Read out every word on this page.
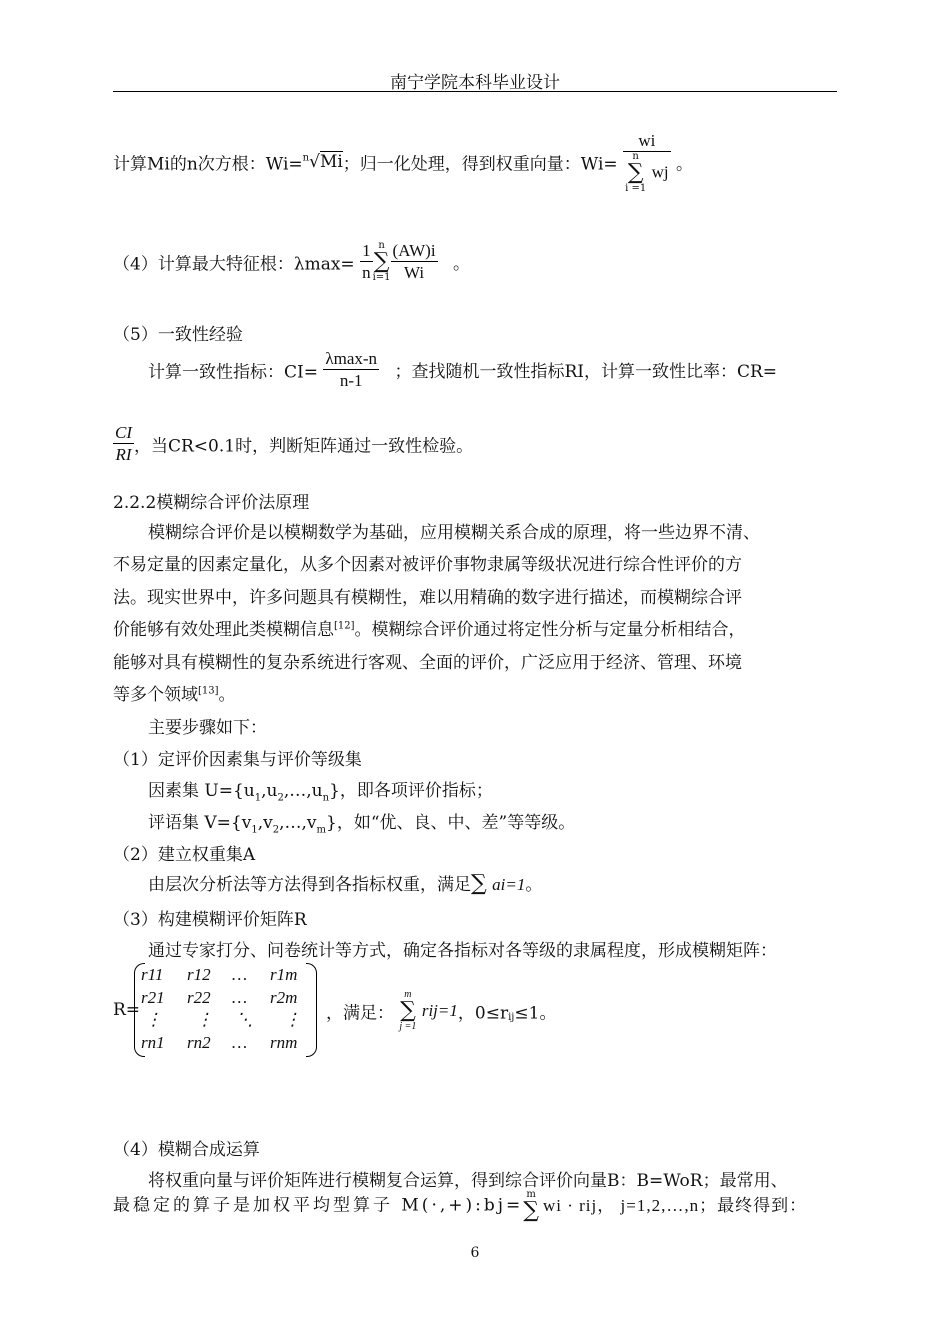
南宁学院本科毕业设计
计算Mi的n次方根：Wi=$^n$√Mi；归一化处理，得到权重向量：Wi= wi
n
∑
i =1
wj 。
（4）计算最大特征根：$\lambda\max= \frac{1}{n}$ n
∑
$i=1 \frac{(AW)i}{Wi}$ 。
（5）一致性经验
计算一致性指标：$CI= \frac{\lambda\max-n}{n-1}$ ；查找随机一致性指标RI，计算一致性比率：CR=
$\frac{CI}{RI}$ ，当CR<0.1时，判断矩阵通过一致性检验。
2.2.2模糊综合评价法原理
模糊综合评价是以模糊数学为基础，应用模糊关系合成的原理，将一些边界不清、
不易定量的因素定量化，从多个因素对被评价事物隶属等级状况进行综合性评价的方
法。现实世界中，许多问题具有模糊性，难以用精确的数字进行描述，而模糊综合评
价能够有效处理此类模糊信息[12]。模糊综合评价通过将定性分析与定量分析相结合，
能够对具有模糊性的复杂系统进行客观、全面的评价，广泛应用于经济、管理、环境
等多个领域[13]。
主要步骤如下：
（1）定评价因素集与评价等级集
因素集 $U=\{u_1,u_2,\dots,u_n\}$，即各项评价指标；
评语集 $V=\{v_1,v_2,\dots,v_m\}$，如“优、良、中、差”等等级。
（2）建立权重集A
由层次分析法等方法得到各指标权重，满足∑ ai=1。
（3）构建模糊评价矩阵R
通过专家打分、问卷统计等方式，确定各指标对各等级的隶属程度，形成模糊矩阵：
R=
r11 r12 … r1m
r21 r22 … r2m
⋮ ⋮ ⋱ ⋮
rn1 rn2 … rnm
，满足：
m
∑
j =1
rij=1，$0\le r_{ij}\le 1$。
（4）模糊合成运算
将权重向量与评价矩阵进行模糊复合运算，得到综合评价向量B：B=WoR；最常用、
最稳定的算子是加权平均型算子 M(·,+):bj=
m
∑ wi · rij， j=1,2,…,n；最终得到：
6
